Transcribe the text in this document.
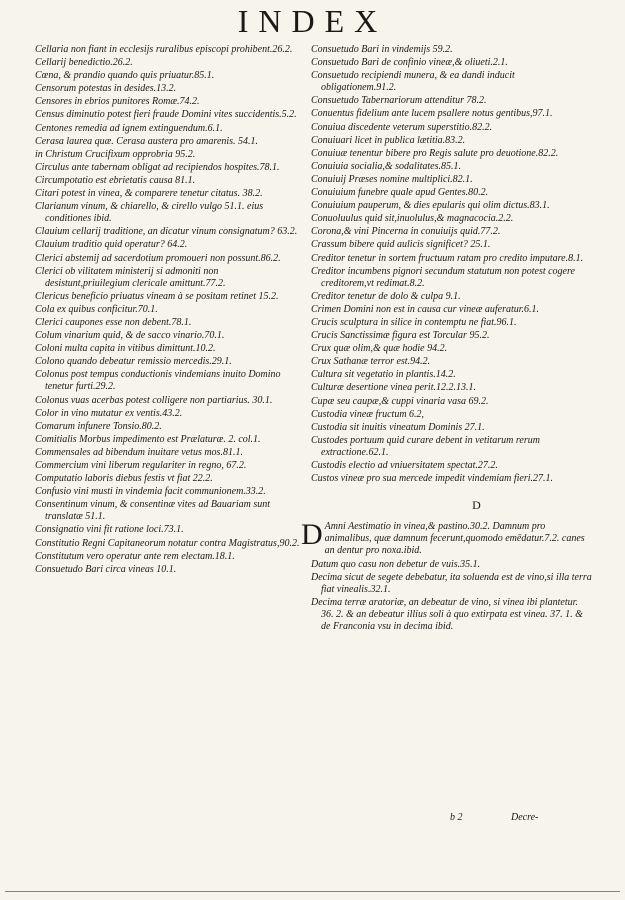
INDEX
Cellaria non fiant in ecclesijs ruralibus episcopi prohibent.26.2.
Cellarij benedictio.26.2.
Cœna, & prandio quando quis priuatur.85.1.
Censorum potestas in desides.13.2.
Censores in ebrios punitores Romæ.74.2.
Census diminutio potest fieri fraude Domini vites succidentis.5.2.
Centones remedia ad ignem extinguendum.6.1.
Cerasa laurea quæ. Cerasa austera pro amarenis. 54.1.
in Christum Crucifixum opprobria 95.2.
Circulus ante tabernam obligat ad recipiendos hospites.78.1.
Circumpotatio est ebrietatis causa 81.1.
Citari potest in vinea, & comparere tenetur citatus. 38.2.
Clarianum vinum, & chiarello, & cirello vulgo 51.1. eius conditiones ibid.
Clauium cellarij traditione, an dicatur vinum consignatum? 63.2.
Clauium traditio quid operatur? 64.2.
Clerici abstemij ad sacerdotium promoueri non possunt.86.2.
Clerici ob vilitatem ministerij si admoniti non desistunt,priuilegium clericale amittunt.77.2.
Clericus beneficio priuatus vineam à se positam retinet 15.2.
Cola ex quibus conficitur.70.1.
Clerici caupones esse non debent.78.1.
Colum vinarium quid, & de sacco vinario.70.1.
Coloni multa capita in vitibus dimittunt.10.2.
Colono quando debeatur remissio mercedis.29.1.
Colonus post tempus conductionis vindemians inuito Domino tenetur furti.29.2.
Colonus vuas acerbas potest colligere non partiarius. 30.1.
Color in vino mutatur ex ventis.43.2.
Comarum infunere Tonsio.80.2.
Comitialis Morbus impedimento est Prælaturæ. 2. col.1.
Commensales ad bibendum inuitare vetus mos.81.1.
Commercium vini liberum regulariter in regno, 67.2.
Computatio laboris diebus festis vt fiat 22.2.
Confusio vini musti in vindemia facit communionem.33.2.
Consentinum vinum, & consentinæ vites ad Bauariam sunt translatæ 51.1.
Consignatio vini fit ratione loci.73.1.
Constitutio Regni Capitaneorum notatur contra Magistratus,90.2.
Constitutum vero operatur ante rem electam.18.1.
Consuetudo Bari circa vineas 10.1.
Consuetudo Bari in vindemijs 59.2.
Consuetudo Bari de confinio vineæ,& oliueti.2.1.
Consuetudo recipiendi munera, & ea dandi inducit obligationem.91.2.
Consuetudo Tabernariorum attenditur 78.2.
Conuentus fidelium ante lucem psallere notus gentibus,97.1.
Conuiua discedente veterum superstitio.82.2.
Conuiuari licet in publica lætitia.83.2.
Conuiuæ tenentur bibere pro Regis salute pro deuotione.82.2.
Conuiuia socialia,& sodalitates.85.1.
Conuiuij Præses nomine multiplici.82.1.
Conuiuium funebre quale apud Gentes.80.2.
Conuiuium pauperum, & dies epularis qui olim dictus.83.1.
Conuoluulus quid sit,inuolulus,& magnacocia.2.2.
Corona,& vini Pincerna in conuiuijs quid.77.2.
Crassum bibere quid aulicis significet? 25.1.
Creditor tenetur in sortem fructuum ratam pro credito imputare.8.1.
Creditor incumbens pignori secundum statutum non potest cogere creditorem,vt redimat.8.2.
Creditor tenetur de dolo & culpa 9.1.
Crimen Domini non est in causa cur vineæ auferatur.6.1.
Crucis sculptura in silice in contemptu ne fiat.96.1.
Crucis Sanctissimæ figura est Torcular 95.2.
Crux quæ olim,& quæ hodie 94.2.
Crux Sathanæ terror est.94.2.
Cultura sit vegetatio in plantis.14.2.
Culturæ desertione vinea perit.12.2.13.1.
Cupæ seu caupæ,& cuppi vinaria vasa 69.2.
Custodia vineæ fructum 6.2,
Custodia sit inuitis vineatum Dominis 27.1.
Custodes portuum quid curare debent in vetitarum rerum extractione.62.1.
Custodis electio ad vniuersitatem spectat.27.2.
Custos vineæ pro sua mercede impedit vindemiam fieri.27.1.
D
D Amni Aestimatio in vinea,& pastino.30.2. Damnum pro animalibus, quæ damnum fecerunt,quomodo emēdatur.7.2. canes an dentur pro noxa.ibid.
Datum quo casu non debetur de vuis.35.1.
Decima sicut de segete debebatur, ita soluenda est de vino,si illa terra fiat vinealis.32.1.
Decima terræ aratoriæ, an debeatur de vino, si vinea ibi plantetur. 36. 2. & an debeatur illius soli à quo extirpata est vinea. 37. 1. & de Franconia vsu in decima ibid.
b 2	Decre-
